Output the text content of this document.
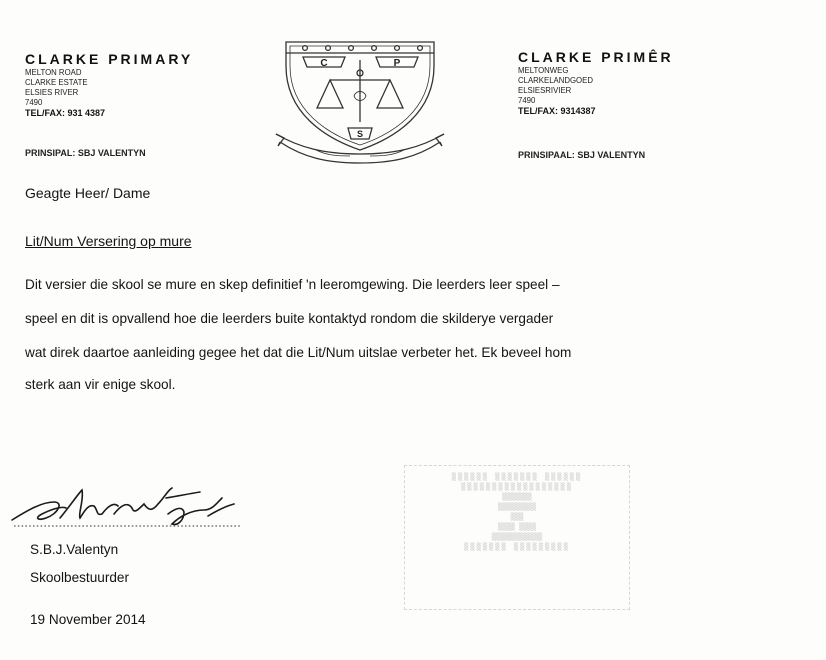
CLARKE PRIMARY
MELTON ROAD
CLARKE ESTATE
ELSIES RIVER
7490
TEL/FAX: 931 4387
PRINSIPAL: SBJ VALENTYN
C	P
S
CLARKE PRIMÊR
MELTONWEG
CLARKELANDGOED
ELSIESRIVIER
7490
TEL/FAX: 9314387
PRINSIPAAL: SBJ VALENTYN
Geagte Heer/ Dame
Lit/Num Versering op mure
Dit versier die skool se mure en skep definitief 'n leeromgewing. Die leerders leer speel –
speel en dit is opvallend hoe die leerders buite kontaktyd rondom die skilderye vergader
wat direk daartoe aanleiding gegee het dat die Lit/Num uitslae verbeter het. Ek beveel hom
sterk aan vir enige skool.
S.B.J.Valentyn
Skoolbestuurder
19 November 2014
▒▒▒▒▒▒ ▒▒▒▒▒▒▒ ▒▒▒▒▒▒
▒▒▒▒▒▒▒▒▒▒▒▒▒▒▒▒▒▒
▒▒▒▒▒▒▒
▒▒▒▒▒▒▒▒▒
▒▒▒
▒▒▒▒ ▒▒▒▒
▒▒▒▒▒▒▒▒▒▒▒▒
▒▒▒▒▒▒▒ ▒▒▒▒▒▒▒▒▒
